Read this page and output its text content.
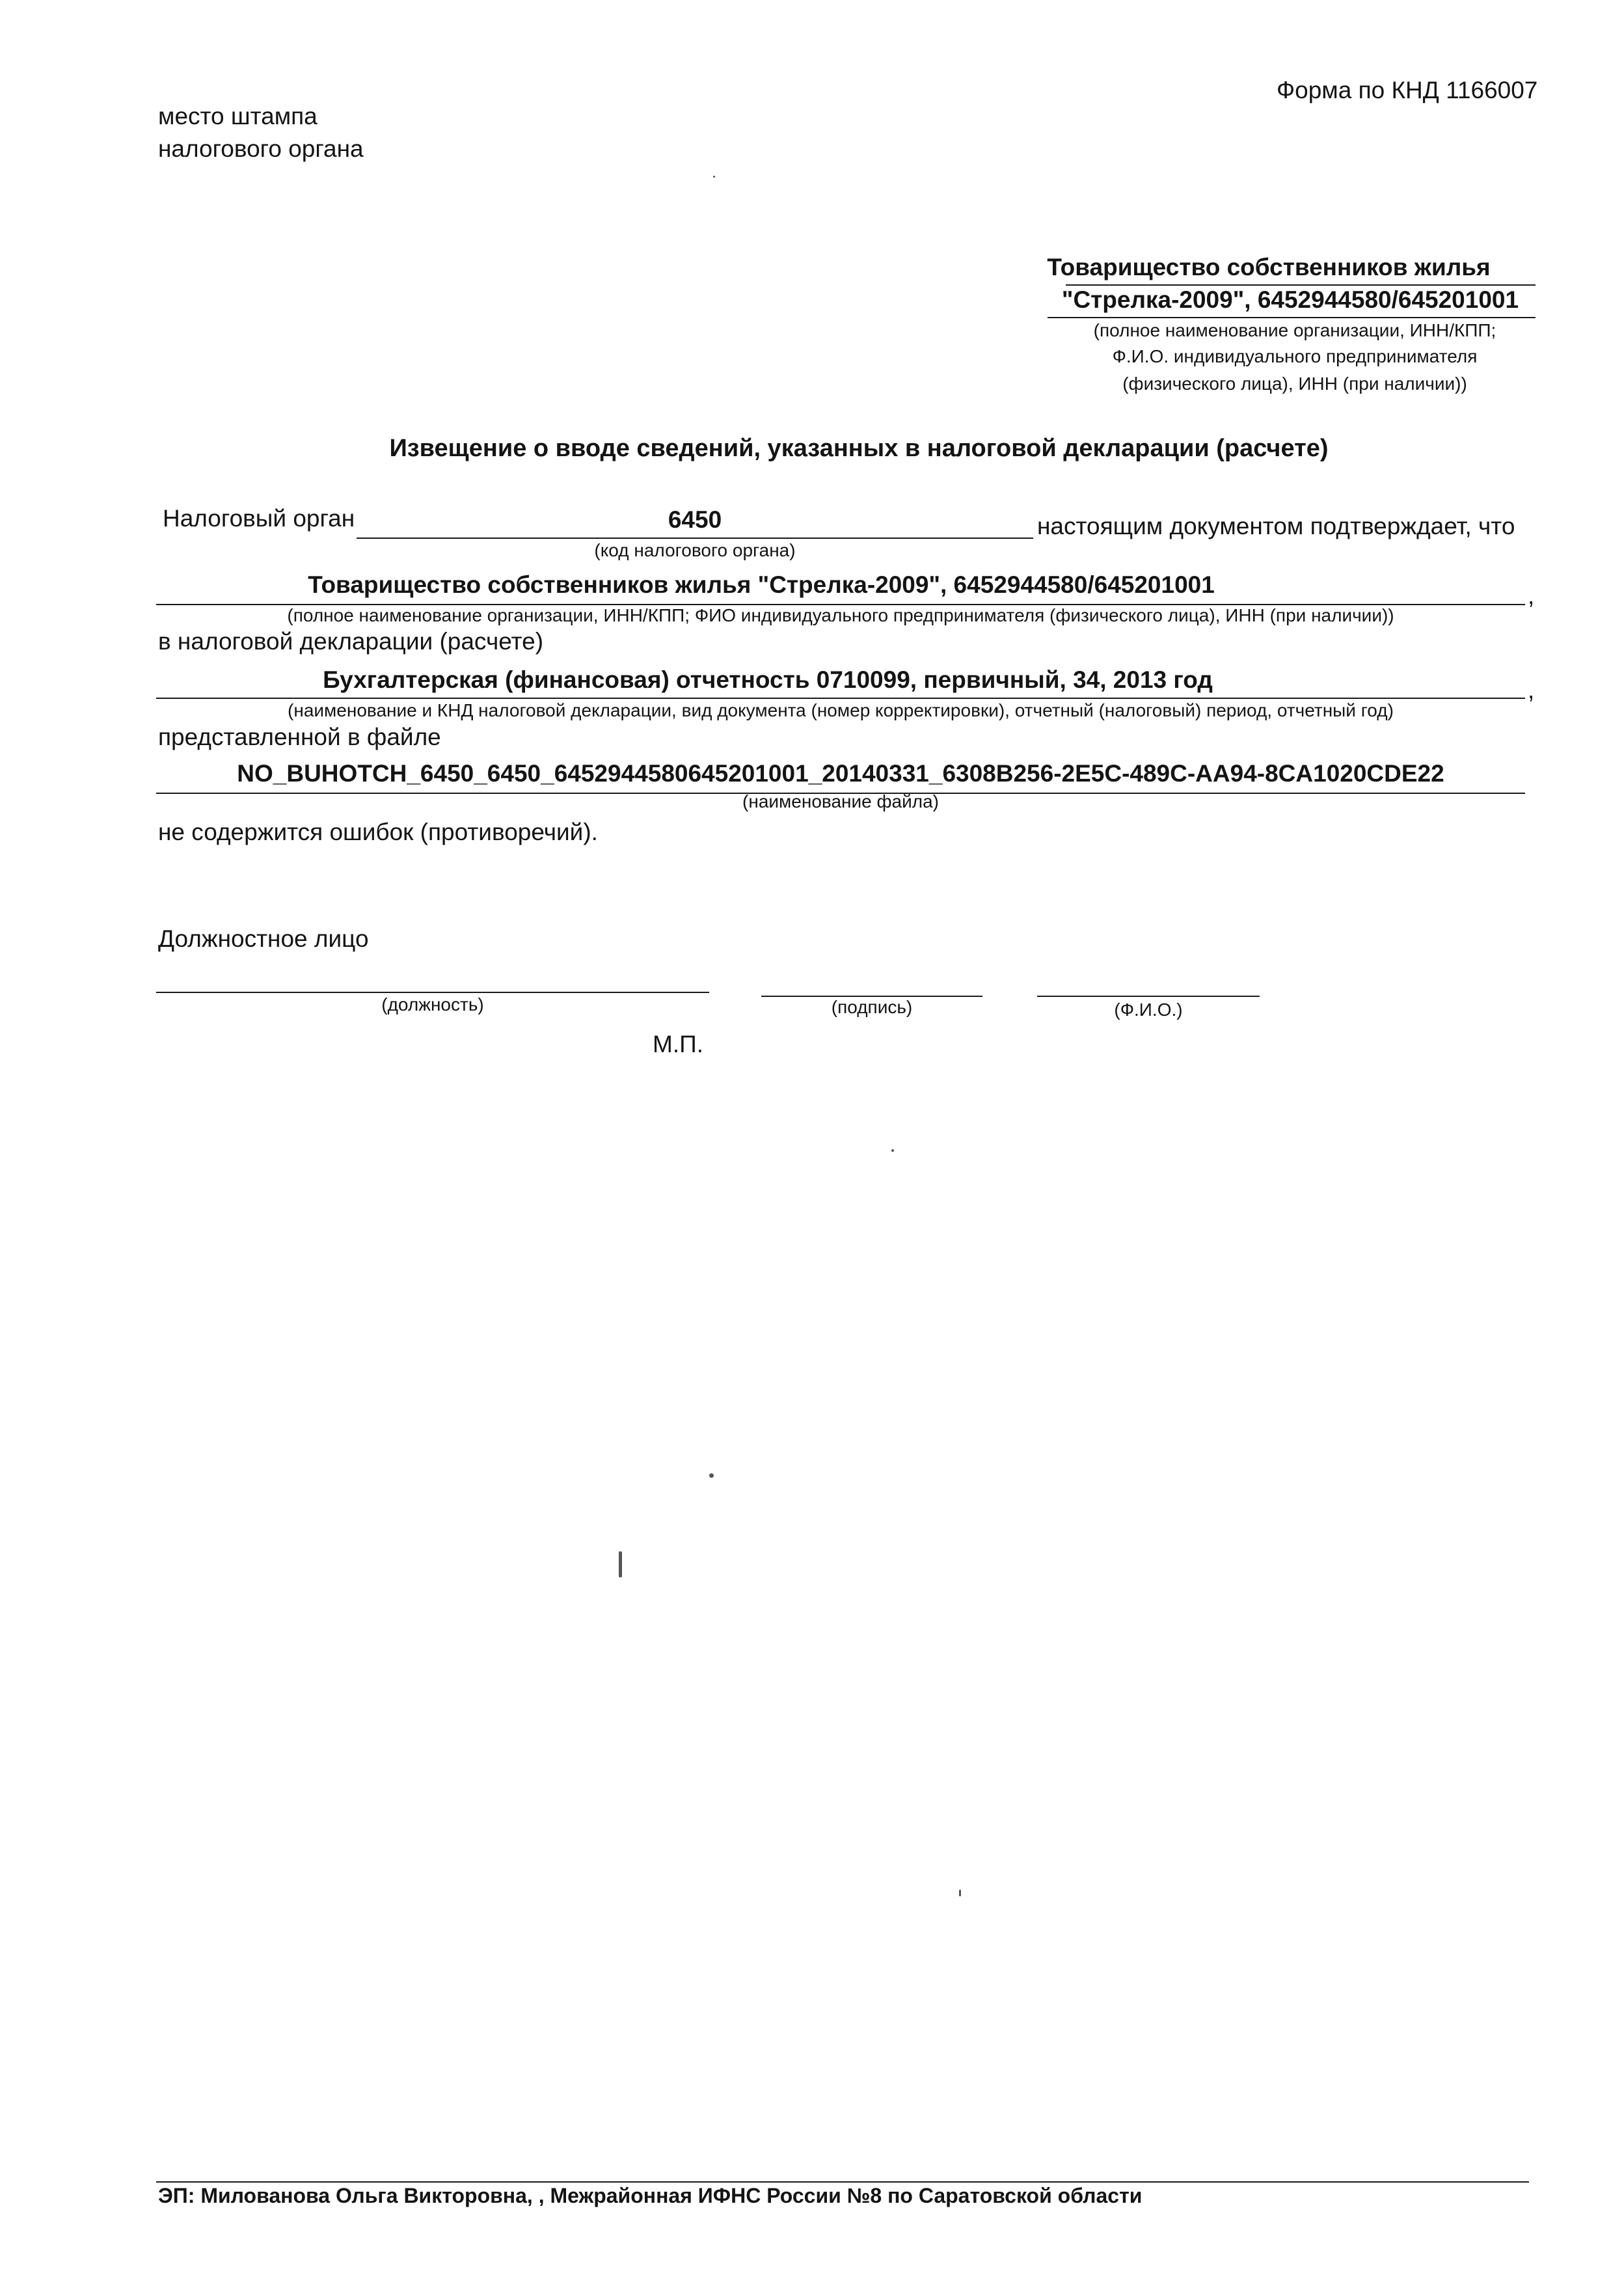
Форма по КНД 1166007
место штампа
налогового органа
Товарищество собственников жилья
"Стрелка-2009", 6452944580/645201001
(полное наименование организации, ИНН/КПП;
Ф.И.О. индивидуального предпринимателя
(физического лица), ИНН (при наличии))
Извещение о вводе сведений, указанных в налоговой декларации (расчете)
Налоговый орган	6450	настоящим документом подтверждает, что
(код налогового органа)
Товарищество собственников жилья "Стрелка-2009", 6452944580/645201001	,
(полное наименование организации, ИНН/КПП; ФИО индивидуального предпринимателя (физического лица), ИНН (при наличии))
в налоговой декларации (расчете)
Бухгалтерская (финансовая) отчетность 0710099, первичный, 34, 2013 год	,
(наименование и КНД налоговой декларации, вид документа (номер корректировки), отчетный (налоговый) период, отчетный год)
представленной в файле
NO_BUHOTCH_6450_6450_6452944580645201001_20140331_6308B256-2E5C-489C-AA94-8CA1020CDE22
(наименование файла)
не содержится ошибок (противоречий).
Должностное лицо
(должность)	(подпись)	(Ф.И.О.)
М.П.
ЭП: Милованова Ольга Викторовна, , Межрайонная ИФНС России №8 по Саратовской области
